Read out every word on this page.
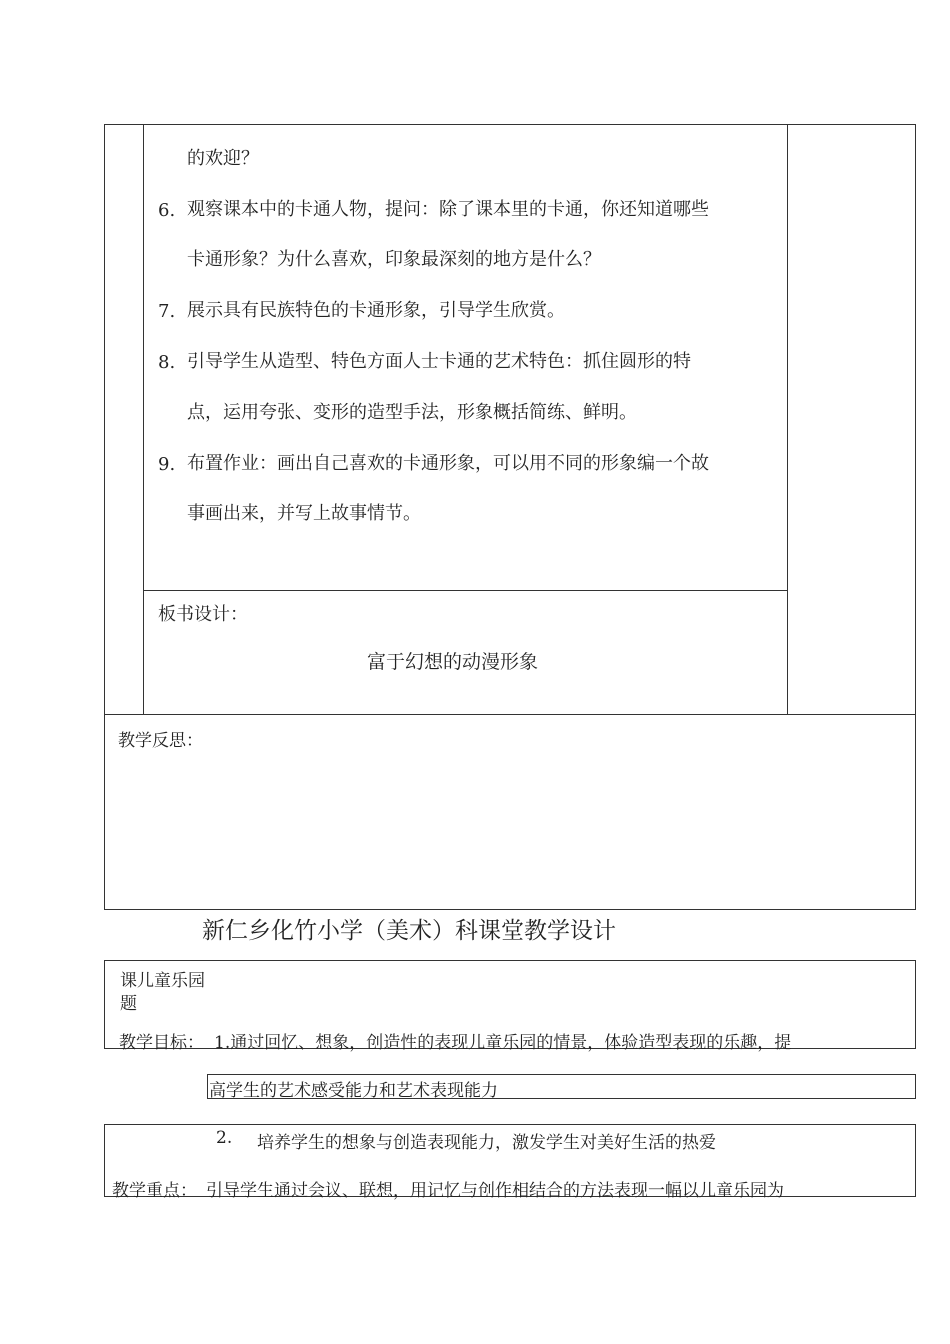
的欢迎？
6. 观察课本中的卡通人物，提问：除了课本里的卡通，你还知道哪些
卡通形象？为什么喜欢，印象最深刻的地方是什么？
7. 展示具有民族特色的卡通形象，引导学生欣赏。
8. 引导学生从造型、特色方面人士卡通的艺术特色：抓住圆形的特
点，运用夸张、变形的造型手法，形象概括简练、鲜明。
9. 布置作业：画出自己喜欢的卡通形象，可以用不同的形象编一个故
事画出来，并写上故事情节。
板书设计：
富于幻想的动漫形象
教学反思：
新仁乡化竹小学（美术）科课堂教学设计
课 儿童乐园
题
教学目标： 1.通过回忆、想象，创造性的表现儿童乐园的情景，体验造型表现的乐趣，提
高学生的艺术感受能力和艺术表现能力
2. 培养学生的想象与创造表现能力，激发学生对美好生活的热爱
教学重点： 引导学生通过会议、联想，用记忆与创作相结合的方法表现一幅以儿童乐园为
